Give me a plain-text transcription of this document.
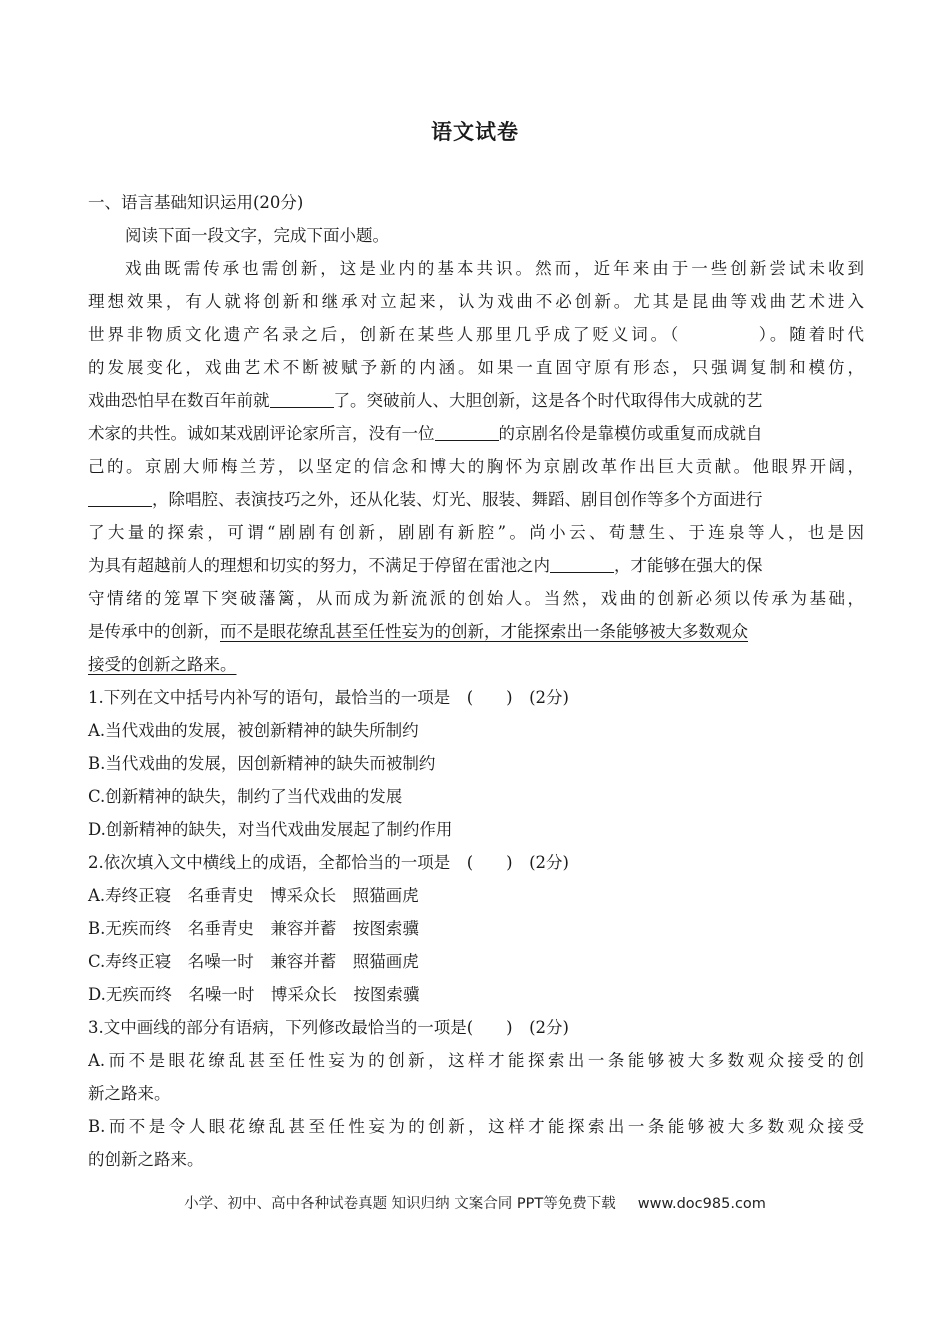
语文试卷
一、语言基础知识运用(20分)
阅读下面一段文字，完成下面小题。
戏曲既需传承也需创新，这是业内的基本共识。然而，近年来由于一些创新尝试未收到
理想效果，有人就将创新和继承对立起来，认为戏曲不必创新。尤其是昆曲等戏曲艺术进入
世界非物质文化遗产名录之后，创新在某些人那里几乎成了贬义词。（　　　　）。随着时代
的发展变化，戏曲艺术不断被赋予新的内涵。如果一直固守原有形态，只强调复制和模仿，
戏曲恐怕早在数百年前就	了。突破前人、大胆创新，这是各个时代取得伟大成就的艺
术家的共性。诚如某戏剧评论家所言，没有一位	的京剧名伶是靠模仿或重复而成就自
己的。京剧大师梅兰芳，以坚定的信念和博大的胸怀为京剧改革作出巨大贡献。他眼界开阔，
，除唱腔、表演技巧之外，还从化装、灯光、服装、舞蹈、剧目创作等多个方面进行
了大量的探索，可谓“剧剧有创新，剧剧有新腔”。尚小云、荀慧生、于连泉等人，也是因
为具有超越前人的理想和切实的努力，不满足于停留在雷池之内	，才能够在强大的保
守情绪的笼罩下突破藩篱，从而成为新流派的创始人。当然，戏曲的创新必须以传承为基础，
是传承中的创新，而不是眼花缭乱甚至任性妄为的创新，才能探索出一条能够被大多数观众
接受的创新之路来。
1.下列在文中括号内补写的语句，最恰当的一项是　(　　)　(2分)
A.当代戏曲的发展，被创新精神的缺失所制约
B.当代戏曲的发展，因创新精神的缺失而被制约
C.创新精神的缺失，制约了当代戏曲的发展
D.创新精神的缺失，对当代戏曲发展起了制约作用
2.依次填入文中横线上的成语，全都恰当的一项是　(　　)　(2分)
A.寿终正寝　名垂青史　博采众长　照猫画虎
B.无疾而终　名垂青史　兼容并蓄　按图索骥
C.寿终正寝　名噪一时　兼容并蓄　照猫画虎
D.无疾而终　名噪一时　博采众长　按图索骥
3.文中画线的部分有语病，下列修改最恰当的一项是(　　)　(2分)
A.而不是眼花缭乱甚至任性妄为的创新，这样才能探索出一条能够被大多数观众接受的创
新之路来。
B.而不是令人眼花缭乱甚至任性妄为的创新，这样才能探索出一条能够被大多数观众接受
的创新之路来。
小学、初中、高中各种试卷真题 知识归纳 文案合同 PPT等免费下载 www.doc985.com
